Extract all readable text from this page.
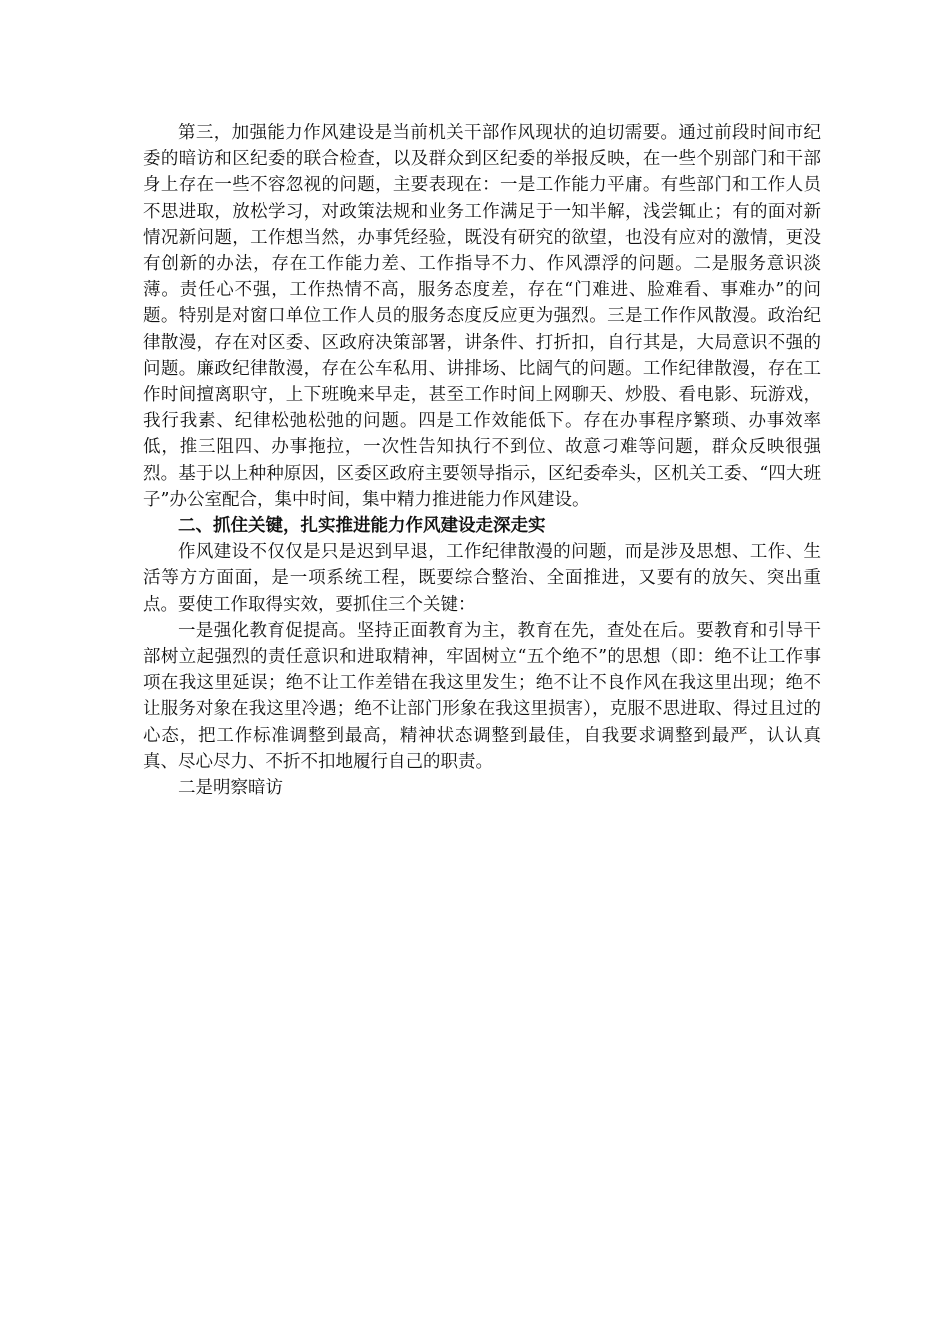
第三，加强能力作风建设是当前机关干部作风现状的迫切需要。通过前段时间市纪委的暗访和区纪委的联合检查，以及群众到区纪委的举报反映，在一些个别部门和干部身上存在一些不容忽视的问题，主要表现在：一是工作能力平庸。有些部门和工作人员不思进取，放松学习，对政策法规和业务工作满足于一知半解，浅尝辄止；有的面对新情况新问题，工作想当然，办事凭经验，既没有研究的欲望，也没有应对的激情，更没有创新的办法，存在工作能力差、工作指导不力、作风漂浮的问题。二是服务意识淡薄。责任心不强，工作热情不高，服务态度差，存在“门难进、脸难看、事难办”的问题。特别是对窗口单位工作人员的服务态度反应更为强烈。三是工作作风散漫。政治纪律散漫，存在对区委、区政府决策部署，讲条件、打折扣，自行其是，大局意识不强的问题。廉政纪律散漫，存在公车私用、讲排场、比阔气的问题。工作纪律散漫，存在工作时间擅离职守，上下班晚来早走，甚至工作时间上网聊天、炒股、看电影、玩游戏，我行我素、纪律松弛松弛的问题。四是工作效能低下。存在办事程序繁琐、办事效率低，推三阻四、办事拖拉，一次性告知执行不到位、故意刁难等问题，群众反映很强烈。基于以上种种原因，区委区政府主要领导指示，区纪委牵头，区机关工委、“四大班子”办公室配合，集中时间，集中精力推进能力作风建设。

二、抓住关键，扎实推进能力作风建设走深走实

作风建设不仅仅是只是迟到早退，工作纪律散漫的问题，而是涉及思想、工作、生活等方方面面，是一项系统工程，既要综合整治、全面推进，又要有的放矢、突出重点。要使工作取得实效，要抓住三个关键：

一是强化教育促提高。坚持正面教育为主，教育在先，查处在后。要教育和引导干部树立起强烈的责任意识和进取精神，牢固树立“五个绝不”的思想（即：绝不让工作事项在我这里延误；绝不让工作差错在我这里发生；绝不让不良作风在我这里出现；绝不让服务对象在我这里冷遇；绝不让部门形象在我这里损害），克服不思进取、得过且过的心态，把工作标准调整到最高，精神状态调整到最佳，自我要求调整到最严，认认真真、尽心尽力、不折不扣地履行自己的职责。

二是明察暗访
